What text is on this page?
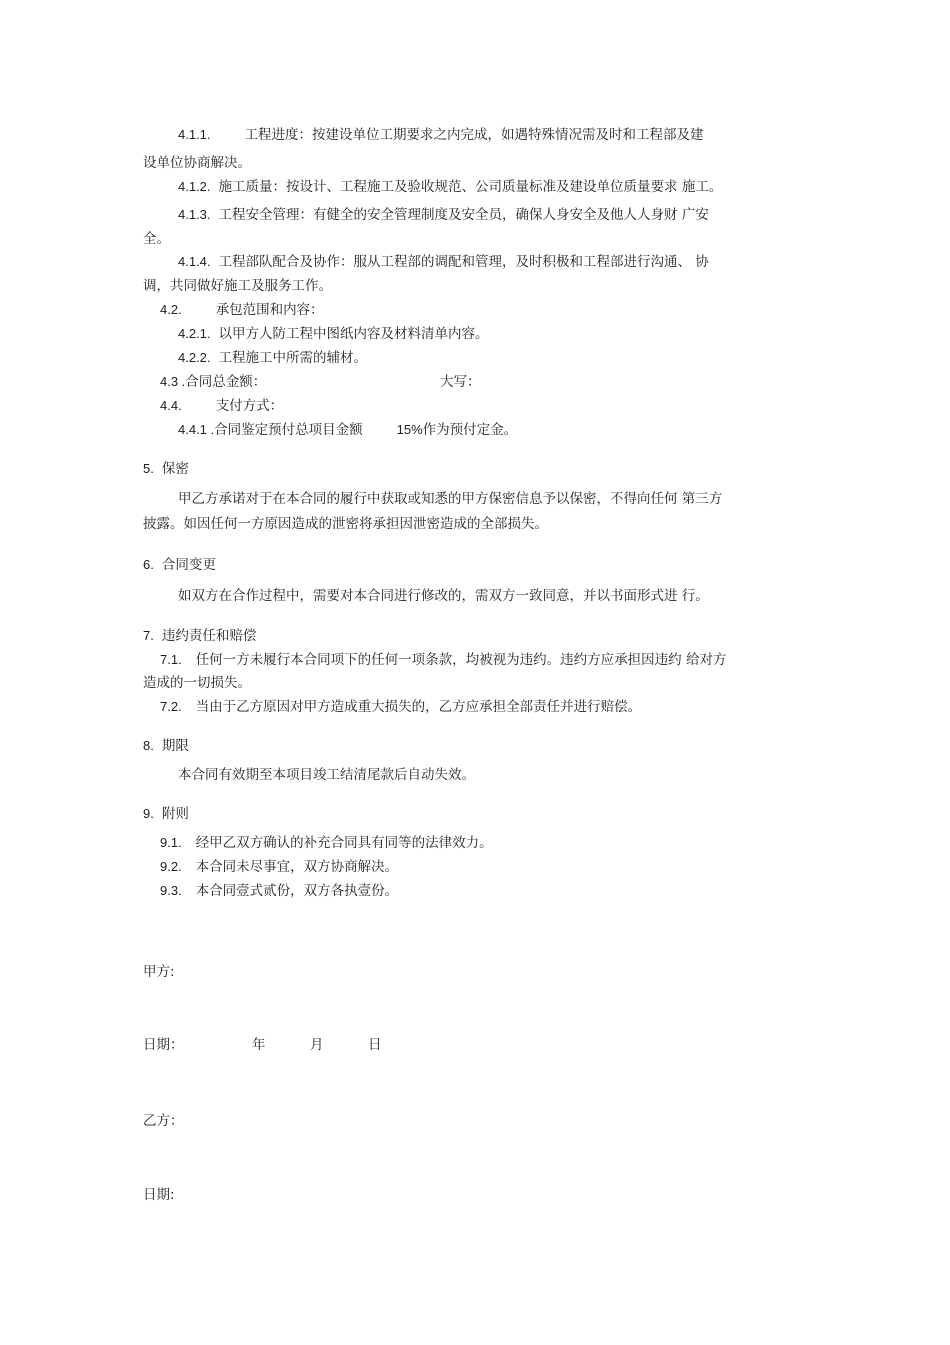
4.1.1.	工程进度：按建设单位工期要求之内完成，如遇特殊情况需及时和工程部及建
设单位协商解决。
4.1.2. 施工质量：按设计、工程施工及验收规范、公司质量标准及建设单位质量要求 施工。
4.1.3. 工程安全管理：有健全的安全管理制度及安全员，确保人身安全及他人人身财 广安
全。
4.1.4. 工程部队配合及协作：服从工程部的调配和管理，及时积极和工程部进行沟通、 协
调，共同做好施工及服务工作。
4.2.	承包范围和内容：
4.2.1. 以甲方人防工程中图纸内容及材料清单内容。
4.2.2. 工程施工中所需的辅材。
4.3 .合同总金额：	大写：
4.4.	支付方式：
4.4.1 .合同鉴定预付总项目金额	15%作为预付定金。
5. 保密
甲乙方承诺对于在本合同的履行中获取或知悉的甲方保密信息予以保密，不得向任何 第三方
披露。如因任何一方原因造成的泄密将承担因泄密造成的全部损失。
6. 合同变更
如双方在合作过程中，需要对本合同进行修改的，需双方一致同意，并以书面形式进 行。
7. 违约责任和赔偿
7.1. 任何一方未履行本合同项下的任何一项条款，均被视为违约。违约方应承担因违约 给对方
造成的一切损失。
7.2. 当由于乙方原因对甲方造成重大损失的，乙方应承担全部责任并进行赔偿。
8. 期限
本合同有效期至本项目竣工结清尾款后自动失效。
9. 附则
9.1. 经甲乙双方确认的补充合同具有同等的法律效力。
9.2. 本合同未尽事宜，双方协商解决。
9.3. 本合同壹式贰份，双方各执壹份。
甲方:
日期：	年	月	日
乙方：
日期:
